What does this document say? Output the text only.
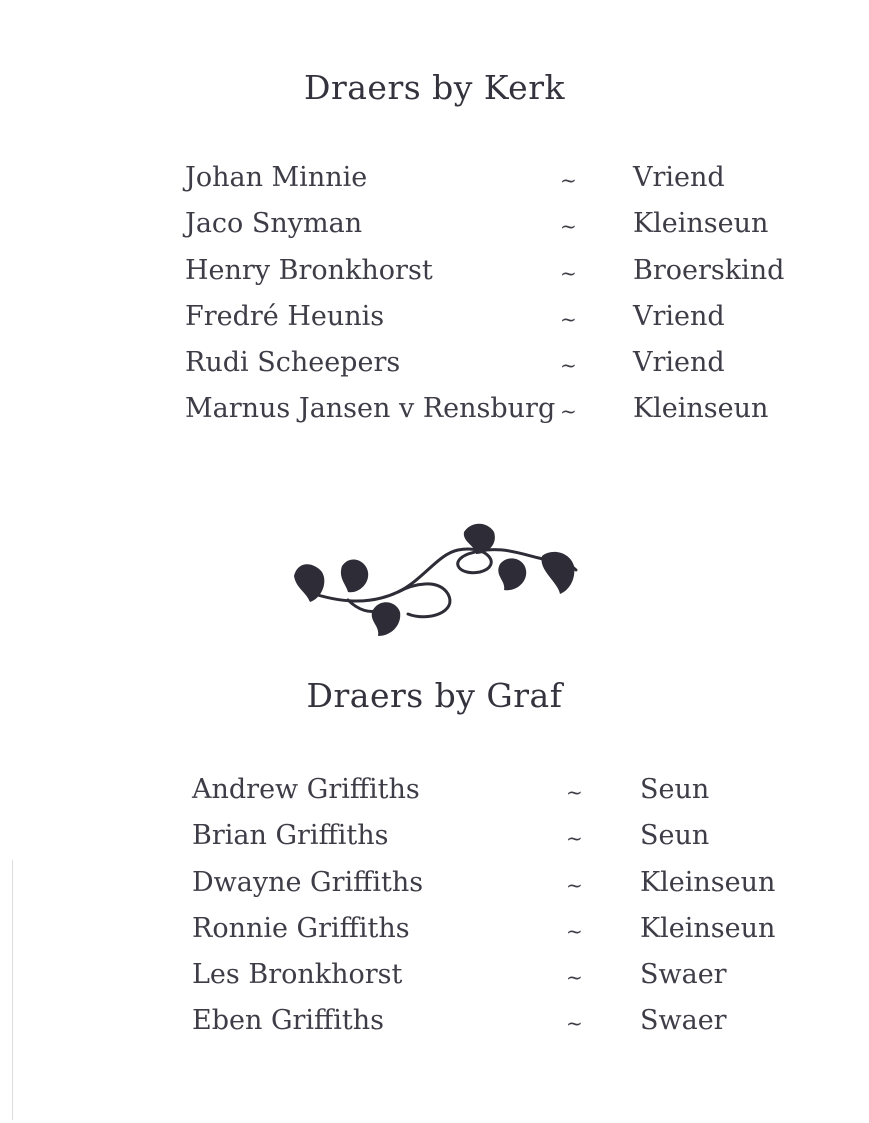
Draers by Kerk
Johan Minnie	~ Vriend
Jaco Snyman	~ Kleinseun
Henry Bronkhorst	~ Broerskind
Fredré Heunis	~ Vriend
Rudi Scheepers	~ Vriend
Marnus Jansen v Rensburg ~ Kleinseun
Draers by Graf
Andrew Griffiths	~ Seun
Brian Griffiths	~ Seun
Dwayne Griffiths	~ Kleinseun
Ronnie Griffiths	~ Kleinseun
Les Bronkhorst	~ Swaer
Eben Griffiths	~ Swaer
